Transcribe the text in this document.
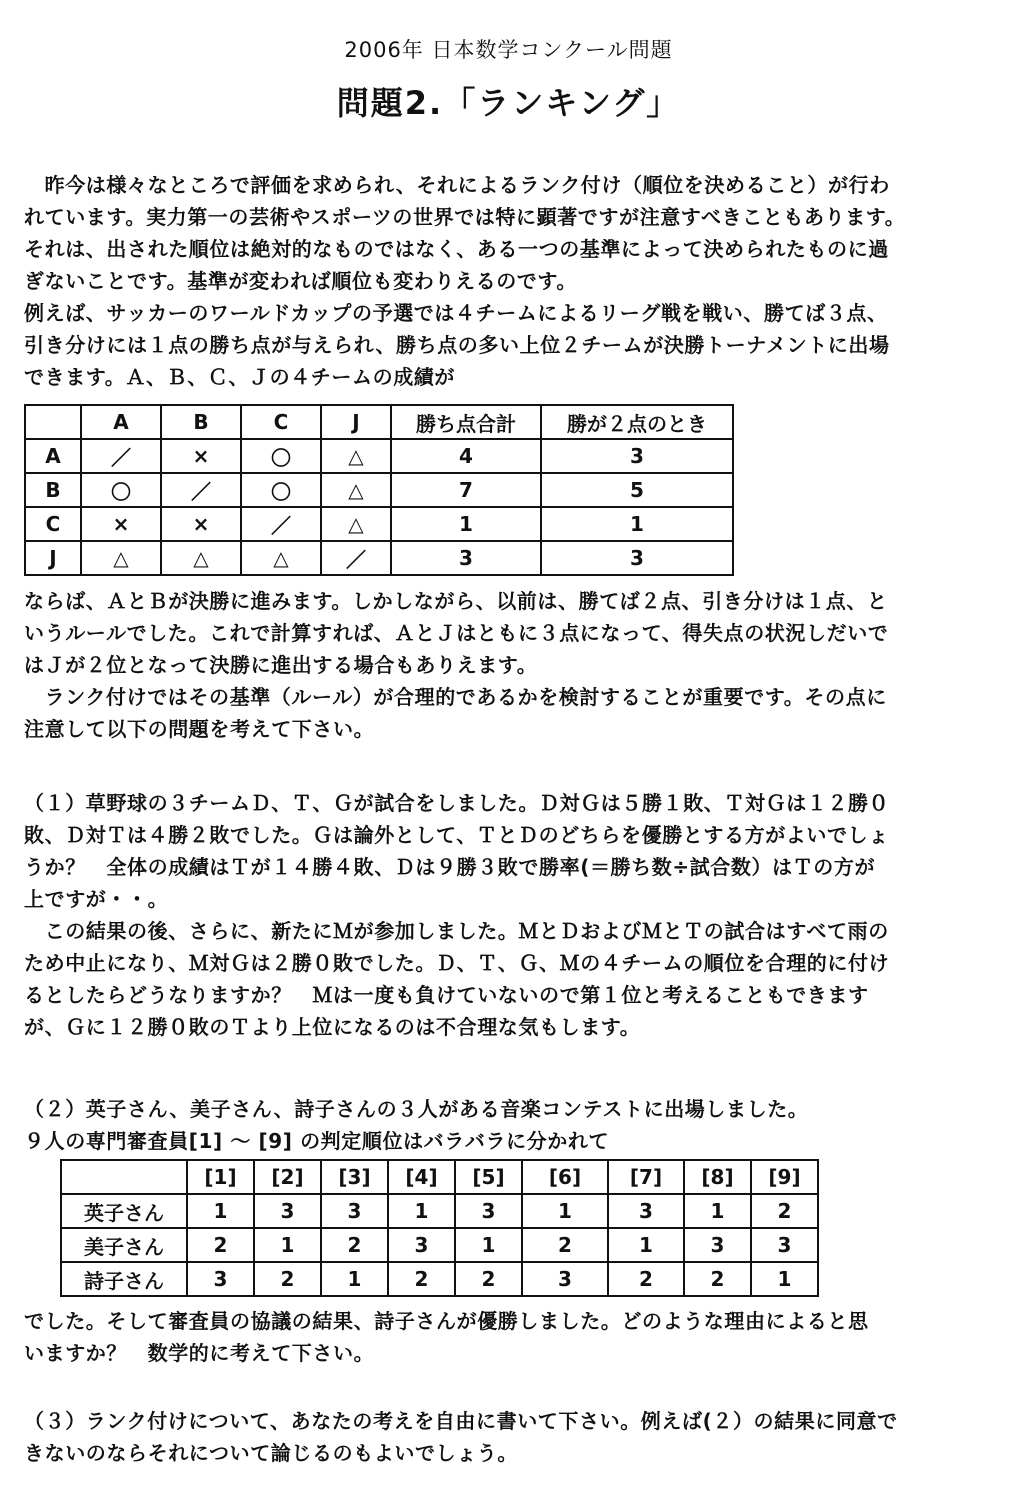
2006年 日本数学コンクール問題
問題2.「ランキング」
　昨今は様々なところで評価を求められ、それによるランク付け（順位を決めること）が行わ
れています。実力第一の芸術やスポーツの世界では特に顕著ですが注意すべきこともあります。
それは、出された順位は絶対的なものではなく、ある一つの基準によって決められたものに過
ぎないことです。基準が変われば順位も変わりえるのです。
例えば、サッカーのワールドカップの予選では４チームによるリーグ戦を戦い、勝てば３点、
引き分けには１点の勝ち点が与えられ、勝ち点の多い上位２チームが決勝トーナメントに出場
できます。Ａ、Ｂ、Ｃ、Ｊの４チームの成績が
	A	B	C	J	勝ち点合計	勝が２点のとき
A	／	×	〇	△	4	3
B	〇	／	〇	△	7	5
C	×	×	／	△	1	1
J	△	△	△	／	3	3
ならば、ＡとＢが決勝に進みます。しかしながら、以前は、勝てば２点、引き分けは１点、と
いうルールでした。これで計算すれば、ＡとＪはともに３点になって、得失点の状況しだいで
はＪが２位となって決勝に進出する場合もありえます。
　ランク付けではその基準（ルール）が合理的であるかを検討することが重要です。その点に
注意して以下の問題を考えて下さい。
（１）草野球の３チームＤ、Ｔ、Ｇが試合をしました。Ｄ対Ｇは５勝１敗、Ｔ対Ｇは１２勝０
敗、Ｄ対Ｔは４勝２敗でした。Ｇは論外として、ＴとＤのどちらを優勝とする方がよいでしょ
うか？　全体の成績はＴが１４勝４敗、Ｄは９勝３敗で勝率(＝勝ち数÷試合数）はＴの方が
上ですが・・。
　この結果の後、さらに、新たにＭが参加しました。ＭとＤおよびＭとＴの試合はすべて雨の
ため中止になり、Ｍ対Ｇは２勝０敗でした。Ｄ、Ｔ、Ｇ、Ｍの４チームの順位を合理的に付け
るとしたらどうなりますか？　Ｍは一度も負けていないので第１位と考えることもできます
が、Ｇに１２勝０敗のＴより上位になるのは不合理な気もします。
（２）英子さん、美子さん、詩子さんの３人がある音楽コンテストに出場しました。
９人の専門審査員[1] ～ [9] の判定順位はバラバラに分かれて
	[1]	[2]	[3]	[4]	[5]	[6]	[7]	[8]	[9]
英子さん	1	3	3	1	3	1	3	1	2
美子さん	2	1	2	3	1	2	1	3	3
詩子さん	3	2	1	2	2	3	2	2	1
でした。そして審査員の協議の結果、詩子さんが優勝しました。どのような理由によると思
いますか？　数学的に考えて下さい。
（３）ランク付けについて、あなたの考えを自由に書いて下さい。例えば(２）の結果に同意で
きないのならそれについて論じるのもよいでしょう。
